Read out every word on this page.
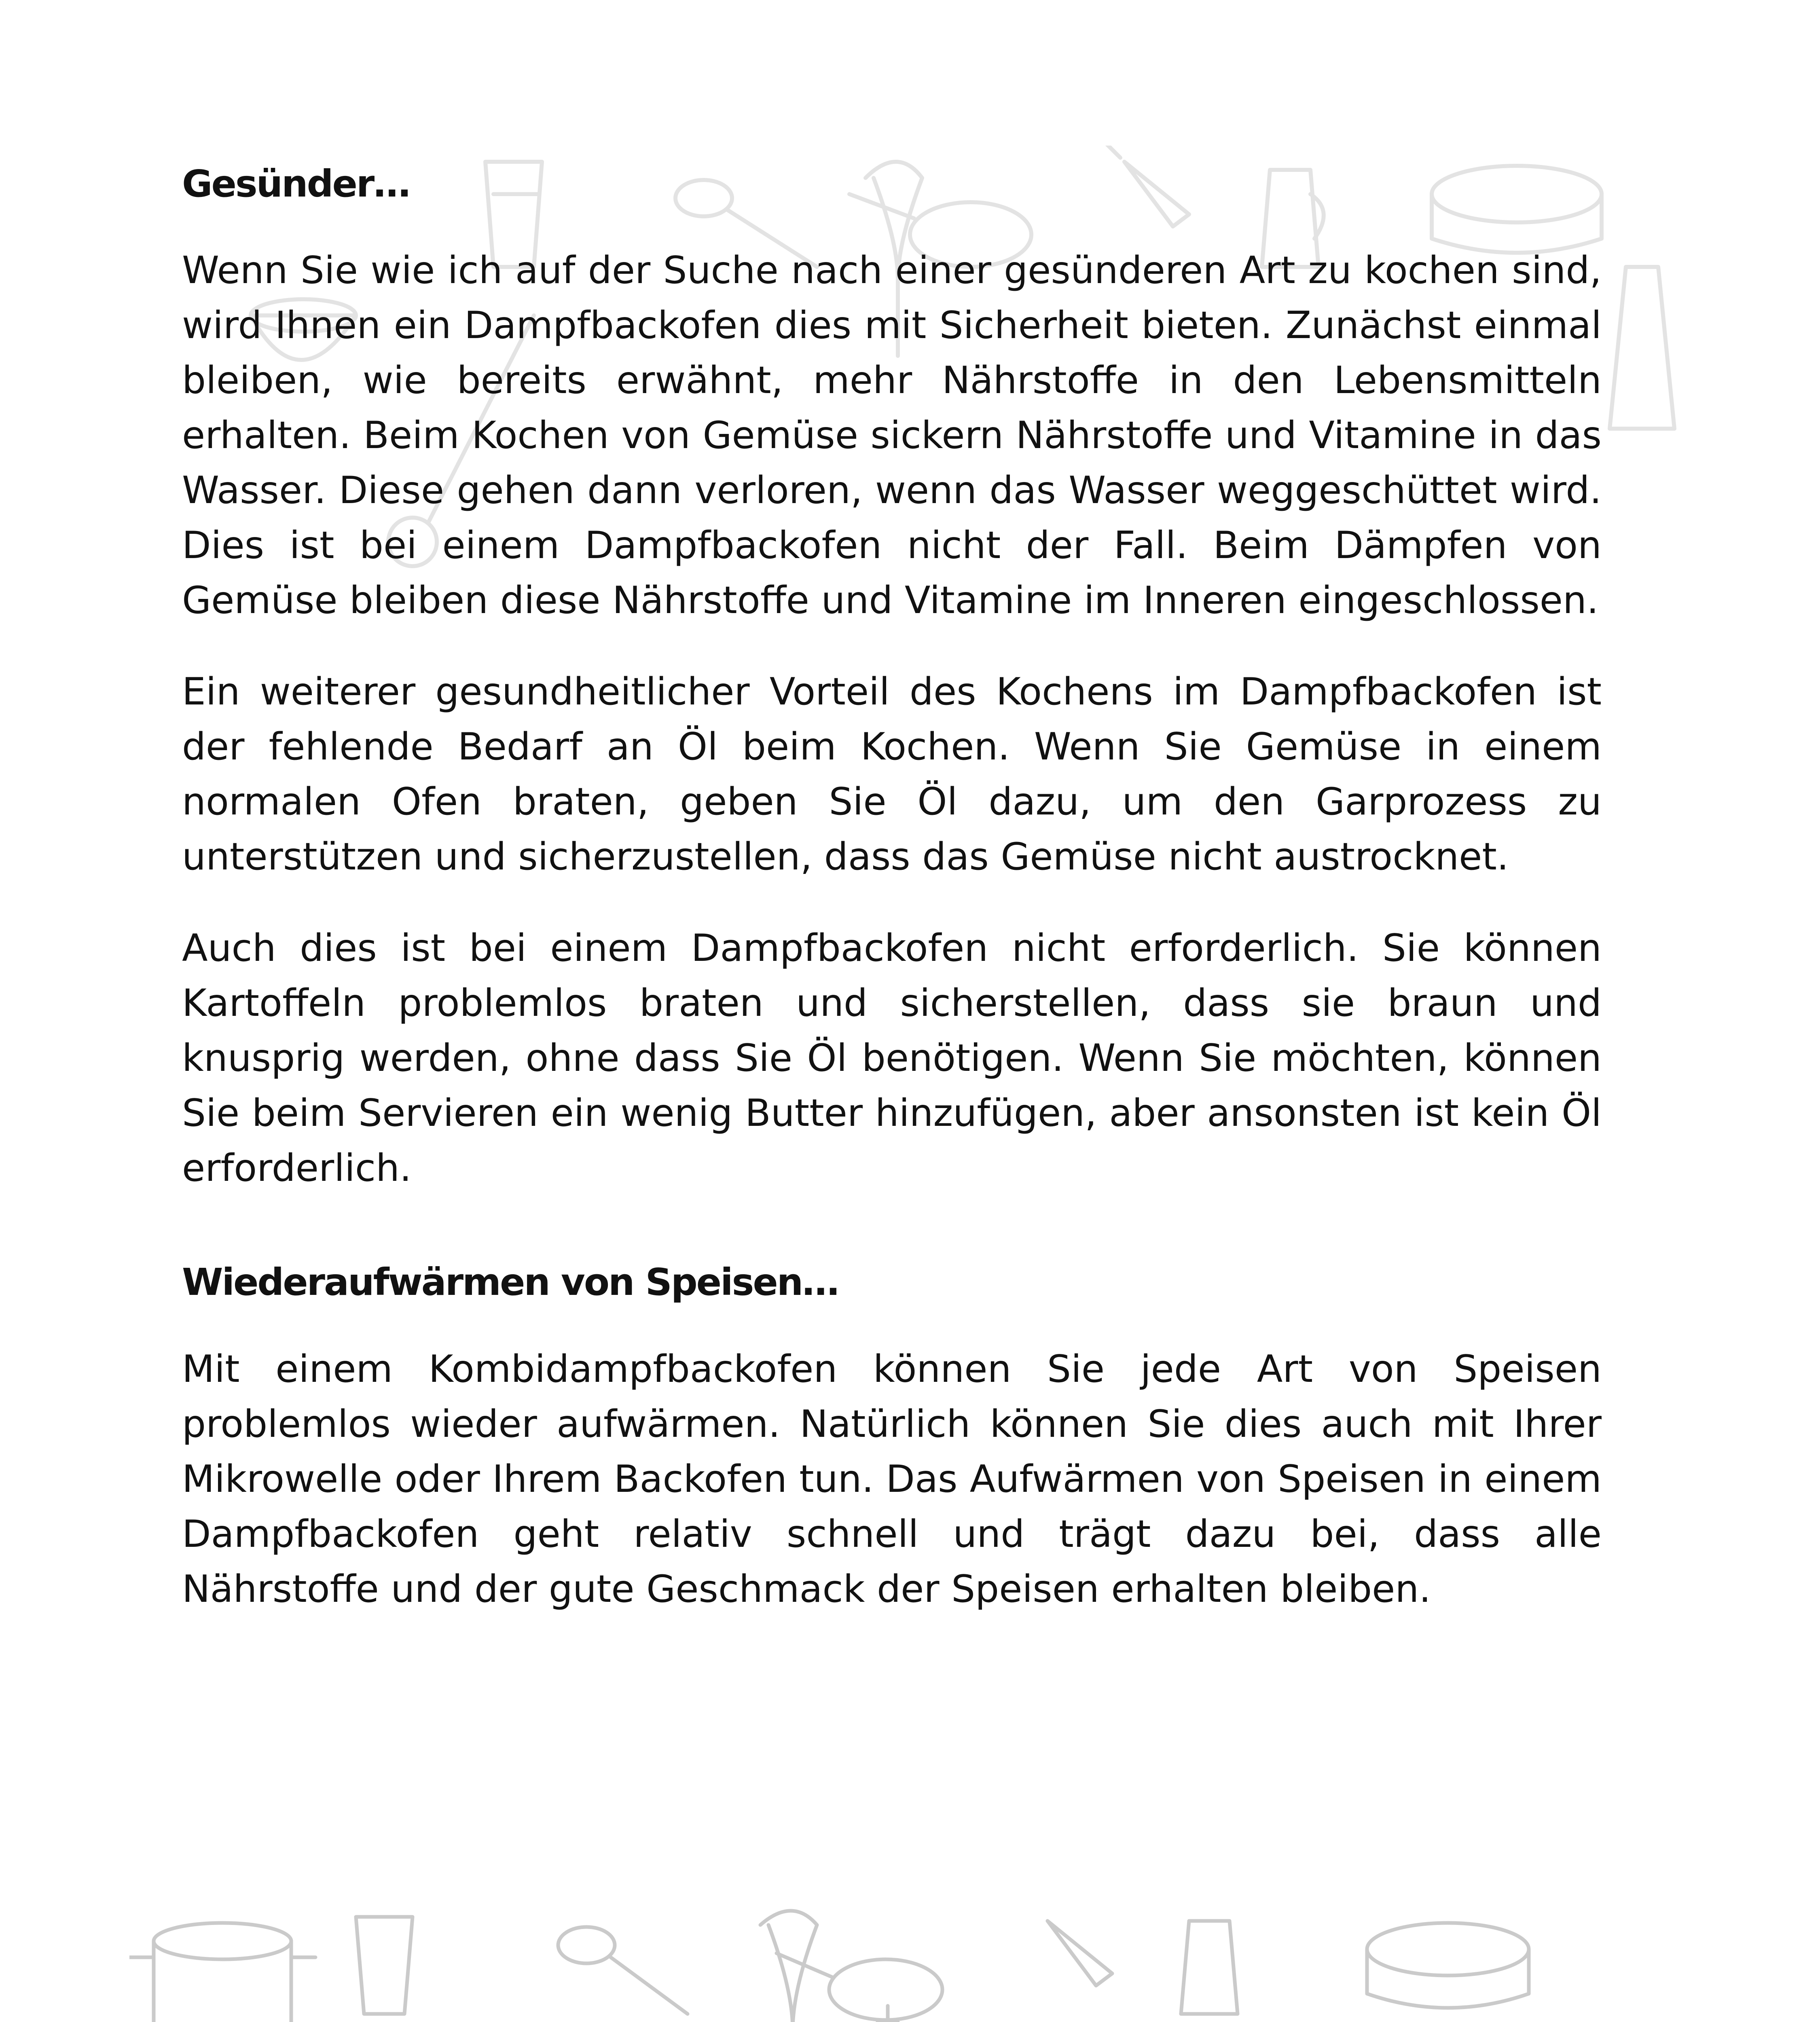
Gesünder…

Wenn Sie wie ich auf der Suche nach einer gesünderen Art zu kochen sind, wird Ihnen ein Dampfbackofen dies mit Sicherheit bieten. Zunächst einmal bleiben, wie bereits erwähnt, mehr Nährstoffe in den Lebensmitteln erhalten. Beim Kochen von Gemüse sickern Nährstoffe und Vitamine in das Wasser. Diese gehen dann verloren, wenn das Wasser weggeschüttet wird. Dies ist bei einem Dampfbackofen nicht der Fall. Beim Dämpfen von Gemüse bleiben diese Nährstoffe und Vitamine im Inneren eingeschlossen.

Ein weiterer gesundheitlicher Vorteil des Kochens im Dampfbackofen ist der fehlende Bedarf an Öl beim Kochen. Wenn Sie Gemüse in einem normalen Ofen braten, geben Sie Öl dazu, um den Garprozess zu unterstützen und sicherzustellen, dass das Gemüse nicht austrocknet.

Auch dies ist bei einem Dampfbackofen nicht erforderlich. Sie können Kartoffeln problemlos braten und sicherstellen, dass sie braun und knusprig werden, ohne dass Sie Öl benötigen. Wenn Sie möchten, können Sie beim Servieren ein wenig Butter hinzufügen, aber ansonsten ist kein Öl erforderlich.

Wiederaufwärmen von Speisen…

Mit einem Kombidampfbackofen können Sie jede Art von Speisen problemlos wieder aufwärmen. Natürlich können Sie dies auch mit Ihrer Mikrowelle oder Ihrem Backofen tun. Das Aufwärmen von Speisen in einem Dampfbackofen geht relativ schnell und trägt dazu bei, dass alle Nährstoffe und der gute Geschmack der Speisen erhalten bleiben.
